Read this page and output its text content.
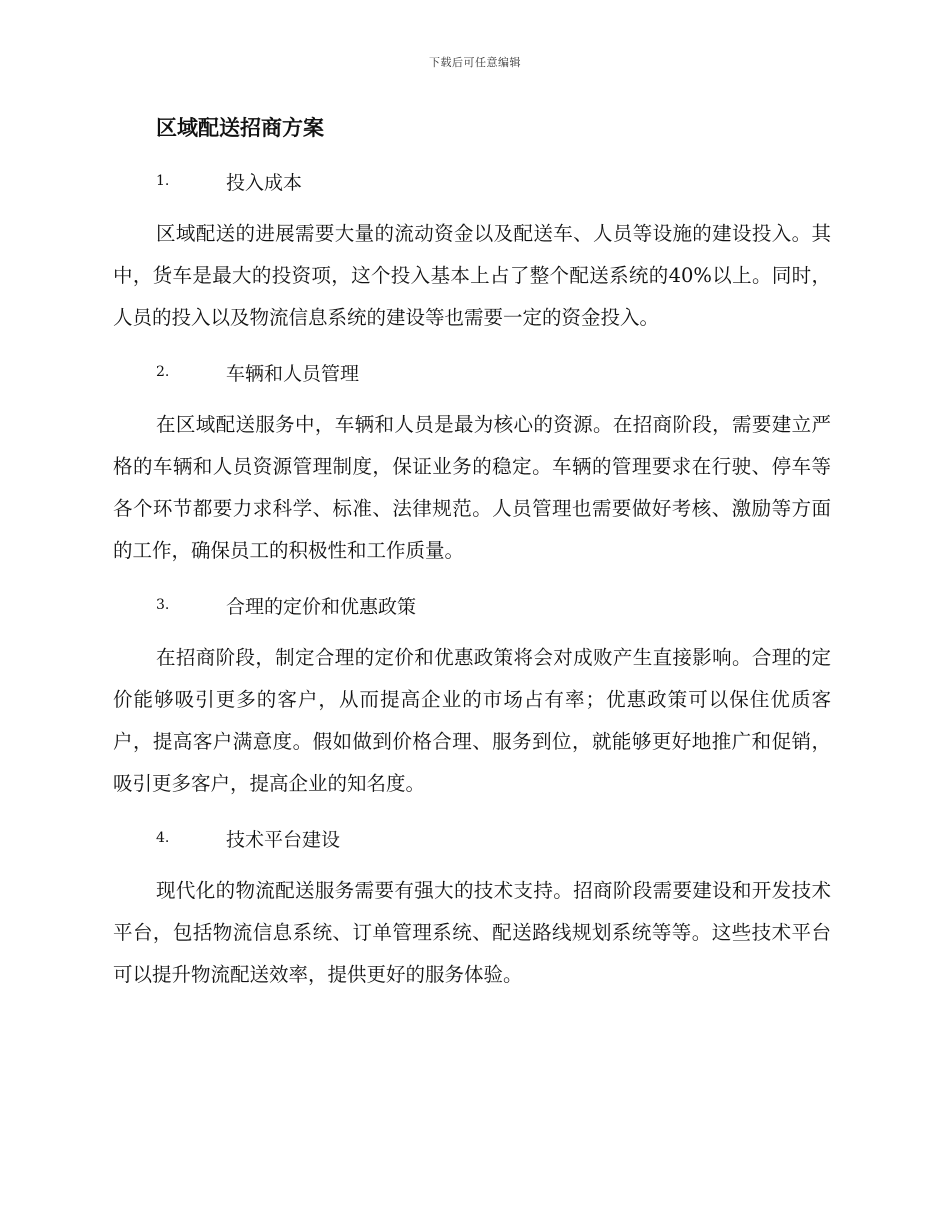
下载后可任意编辑
区域配送招商方案
1.	投入成本

区域配送的进展需要大量的流动资金以及配送车、人员等设施的建设投入。其中，货车是最大的投资项，这个投入基本上占了整个配送系统的40%以上。同时，人员的投入以及物流信息系统的建设等也需要一定的资金投入。

2.	车辆和人员管理

在区域配送服务中，车辆和人员是最为核心的资源。在招商阶段，需要建立严格的车辆和人员资源管理制度，保证业务的稳定。车辆的管理要求在行驶、停车等各个环节都要力求科学、标准、法律规范。人员管理也需要做好考核、激励等方面的工作，确保员工的积极性和工作质量。

3.	合理的定价和优惠政策

在招商阶段，制定合理的定价和优惠政策将会对成败产生直接影响。合理的定价能够吸引更多的客户，从而提高企业的市场占有率；优惠政策可以保住优质客户，提高客户满意度。假如做到价格合理、服务到位，就能够更好地推广和促销，吸引更多客户，提高企业的知名度。

4.	技术平台建设

现代化的物流配送服务需要有强大的技术支持。招商阶段需要建设和开发技术平台，包括物流信息系统、订单管理系统、配送路线规划系统等等。这些技术平台可以提升物流配送效率，提供更好的服务体验。
